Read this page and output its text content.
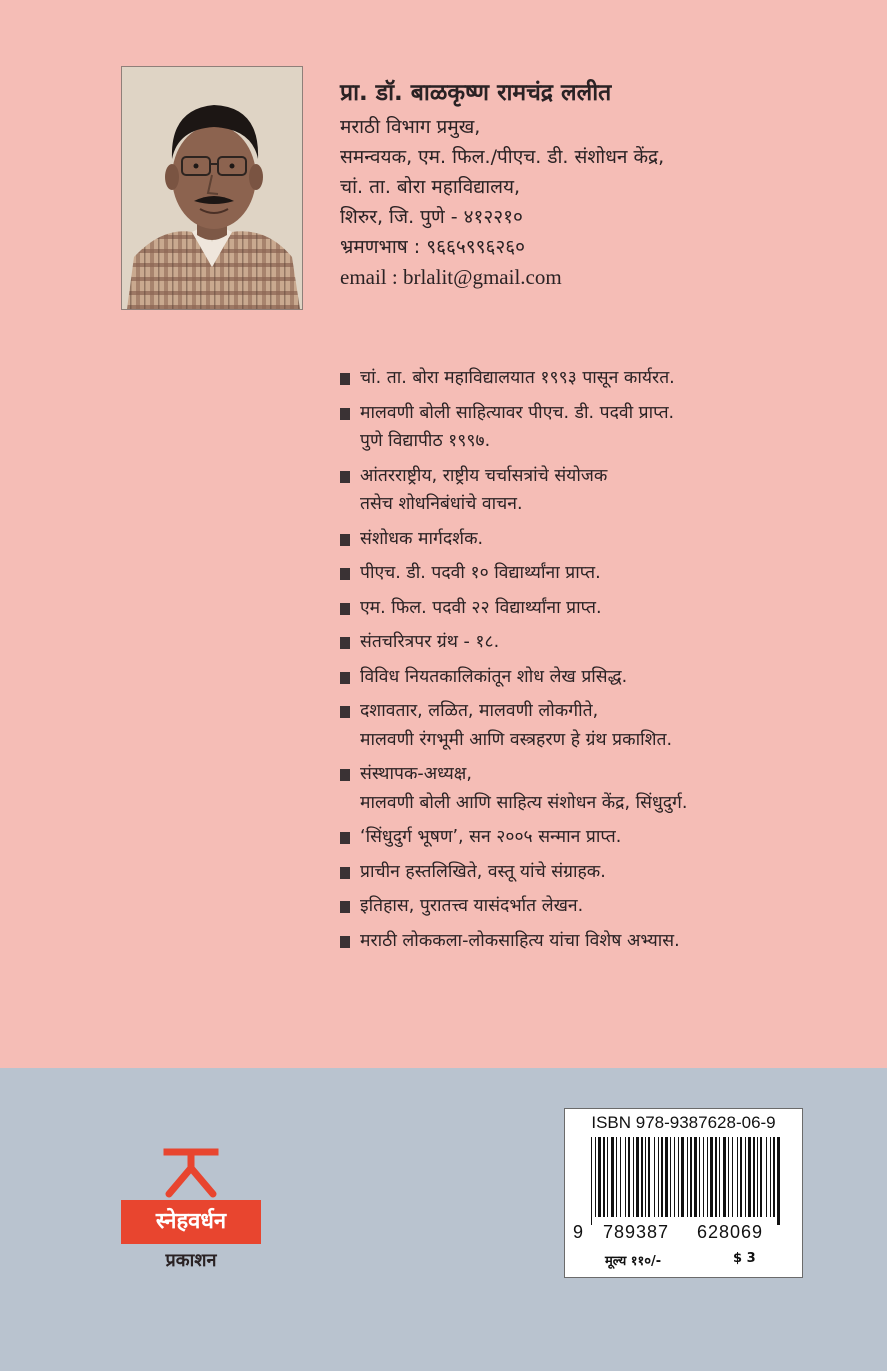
प्रा. डॉ. बाळकृष्ण रामचंद्र ललीत
मराठी विभाग प्रमुख,
समन्वयक, एम. फिल./पीएच. डी. संशोधन केंद्र,
चां. ता. बोरा महाविद्यालय,
शिरुर, जि. पुणे - ४१२२१०
भ्रमणभाष : ९६६५९९६२६०
email : brlalit@gmail.com
चां. ता. बोरा महाविद्यालयात १९९३ पासून कार्यरत.
मालवणी बोली साहित्यावर पीएच. डी. पदवी प्राप्त.
पुणे विद्यापीठ १९९७.
आंतरराष्ट्रीय, राष्ट्रीय चर्चासत्रांचे संयोजक
तसेच शोधनिबंधांचे वाचन.
संशोधक मार्गदर्शक.
पीएच. डी. पदवी १० विद्यार्थ्यांना प्राप्त.
एम. फिल. पदवी २२ विद्यार्थ्यांना प्राप्त.
संतचरित्रपर ग्रंथ - १८.
विविध नियतकालिकांतून शोध लेख प्रसिद्ध.
दशावतार, लळित, मालवणी लोकगीते,
मालवणी रंगभूमी आणि वस्त्रहरण हे ग्रंथ प्रकाशित.
संस्थापक-अध्यक्ष,
मालवणी बोली आणि साहित्य संशोधन केंद्र, सिंधुदुर्ग.
‘सिंधुदुर्ग भूषण’, सन २००५ सन्मान प्राप्त.
प्राचीन हस्तलिखिते, वस्तू यांचे संग्राहक.
इतिहास, पुरातत्त्व यासंदर्भात लेखन.
मराठी लोककला-लोकसाहित्य यांचा विशेष अभ्यास.
स्नेहवर्धन
प्रकाशन
ISBN 978-9387628-06-9
9 789387 628069
मूल्य ११०/-	$ 3
